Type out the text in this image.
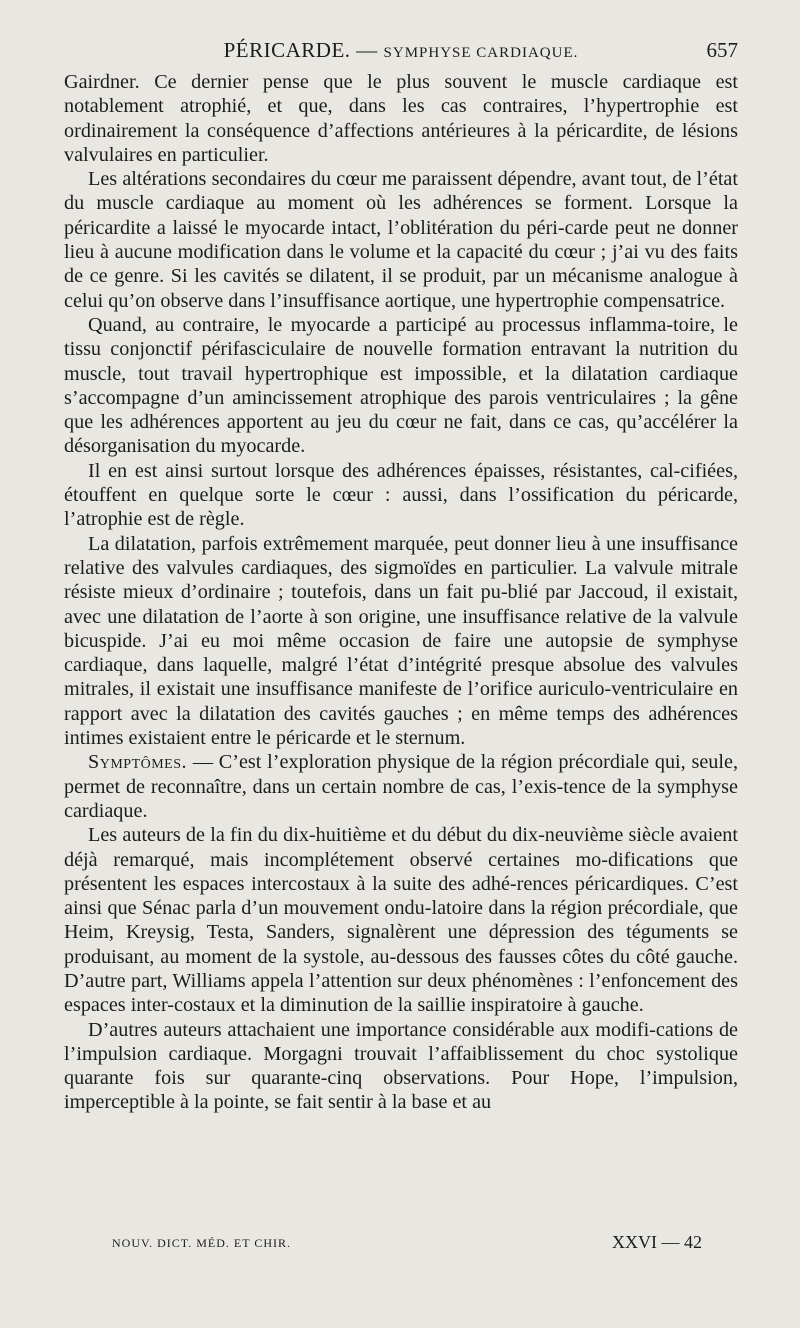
PÉRICARDE. — SYMPHYSE CARDIAQUE.	657

Gairdner. Ce dernier pense que le plus souvent le muscle cardiaque est notablement atrophié, et que, dans les cas contraires, l’hypertrophie est ordinairement la conséquence d’affections antérieures à la péricardite, de lésions valvulaires en particulier.

Les altérations secondaires du cœur me paraissent dépendre, avant tout, de l’état du muscle cardiaque au moment où les adhérences se forment. Lorsque la péricardite a laissé le myocarde intact, l’oblitération du péri-carde peut ne donner lieu à aucune modification dans le volume et la capacité du cœur ; j’ai vu des faits de ce genre. Si les cavités se dilatent, il se produit, par un mécanisme analogue à celui qu’on observe dans l’insuffisance aortique, une hypertrophie compensatrice.

Quand, au contraire, le myocarde a participé au processus inflamma-toire, le tissu conjonctif périfasciculaire de nouvelle formation entravant la nutrition du muscle, tout travail hypertrophique est impossible, et la dilatation cardiaque s’accompagne d’un amincissement atrophique des parois ventriculaires ; la gêne que les adhérences apportent au jeu du cœur ne fait, dans ce cas, qu’accélérer la désorganisation du myocarde.

Il en est ainsi surtout lorsque des adhérences épaisses, résistantes, cal-cifiées, étouffent en quelque sorte le cœur : aussi, dans l’ossification du péricarde, l’atrophie est de règle.

La dilatation, parfois extrêmement marquée, peut donner lieu à une insuffisance relative des valvules cardiaques, des sigmoïdes en particulier. La valvule mitrale résiste mieux d’ordinaire ; toutefois, dans un fait pu-blié par Jaccoud, il existait, avec une dilatation de l’aorte à son origine, une insuffisance relative de la valvule bicuspide. J’ai eu moi même occasion de faire une autopsie de symphyse cardiaque, dans laquelle, malgré l’état d’intégrité presque absolue des valvules mitrales, il existait une insuffisance manifeste de l’orifice auriculo-ventriculaire en rapport avec la dilatation des cavités gauches ; en même temps des adhérences intimes existaient entre le péricarde et le sternum.

Symptômes. — C’est l’exploration physique de la région précordiale qui, seule, permet de reconnaître, dans un certain nombre de cas, l’exis-tence de la symphyse cardiaque.

Les auteurs de la fin du dix-huitième et du début du dix-neuvième siècle avaient déjà remarqué, mais incomplétement observé certaines mo-difications que présentent les espaces intercostaux à la suite des adhé-rences péricardiques. C’est ainsi que Sénac parla d’un mouvement ondu-latoire dans la région précordiale, que Heim, Kreysig, Testa, Sanders, signalèrent une dépression des téguments se produisant, au moment de la systole, au-dessous des fausses côtes du côté gauche. D’autre part, Williams appela l’attention sur deux phénomènes : l’enfoncement des espaces inter-costaux et la diminution de la saillie inspiratoire à gauche.

D’autres auteurs attachaient une importance considérable aux modifi-cations de l’impulsion cardiaque. Morgagni trouvait l’affaiblissement du choc systolique quarante fois sur quarante-cinq observations. Pour Hope, l’impulsion, imperceptible à la pointe, se fait sentir à la base et au

NOUV. DICT. MÉD. ET CHIR.	XXVI — 42
